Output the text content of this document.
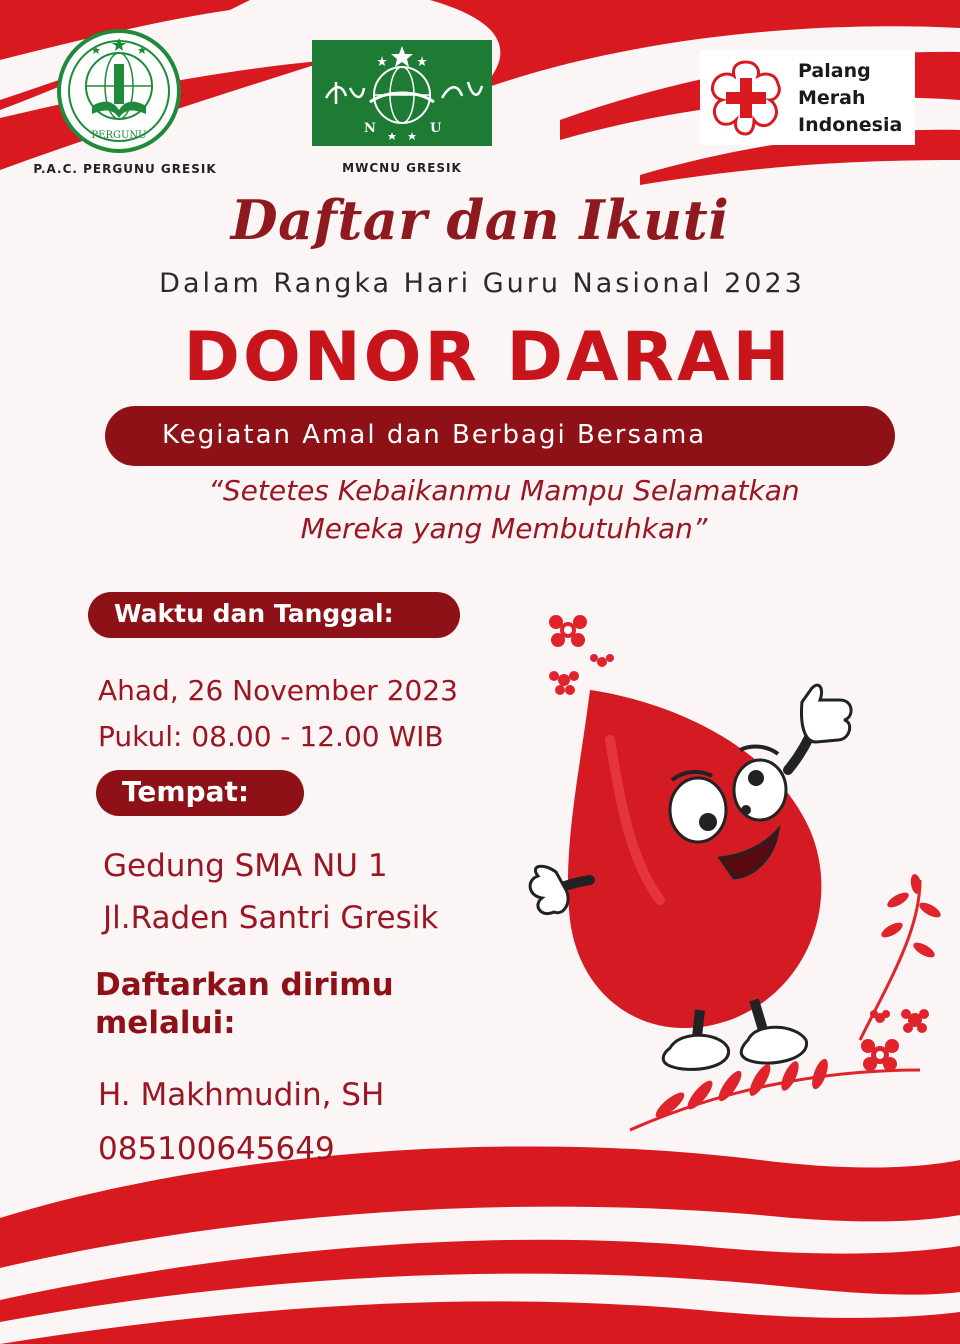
PERGUNU
P.A.C. PERGUNU GRESIK
N	U
MWCNU GRESIK
Palang
Merah
Indonesia
Daftar dan Ikuti
Dalam Rangka Hari Guru Nasional 2023
DONOR DARAH
Kegiatan Amal dan Berbagi Bersama
“Setetes Kebaikanmu Mampu Selamatkan
Mereka yang Membutuhkan”
Waktu dan Tanggal:
Ahad, 26 November 2023
Pukul: 08.00 - 12.00 WIB
Tempat:
Gedung SMA NU 1
Jl.Raden Santri Gresik
Daftarkan dirimu
melalui:
H. Makhmudin, SH
085100645649
